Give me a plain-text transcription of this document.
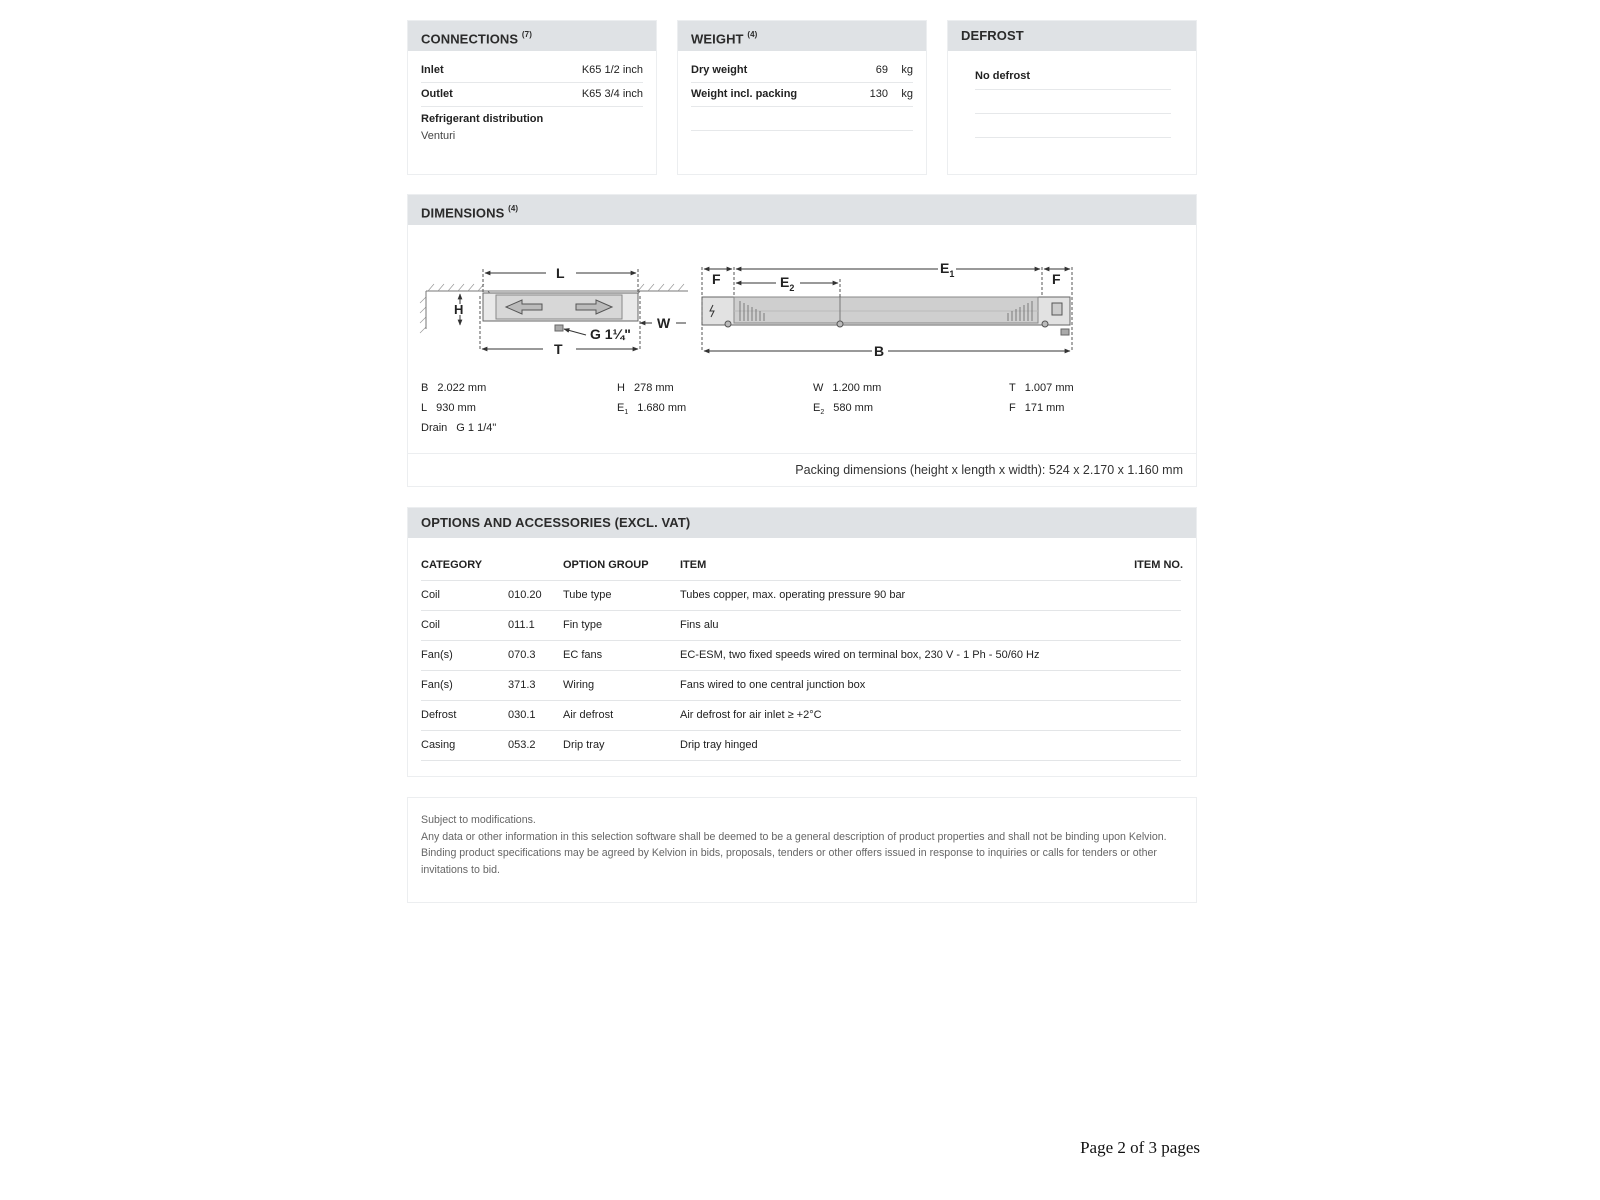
CONNECTIONS $^{(7)}$
Inlet	K65 1/2 inch
Outlet	K65 3/4 inch
Refrigerant distribution
Venturi
WEIGHT $^{(4)}$
Dry weight	69 kg
Weight incl. packing	130 kg
DEFROST
No defrost
DIMENSIONS $^{(4)}$
L
H
W
T
G 1¼"
F	F
$E_1$
$E_2$
B
B 2.022 mm	H 278 mm	W 1.200 mm	T 1.007 mm
L 930 mm	$E_1$ 1.680 mm	$E_2$ 580 mm	F 171 mm
Drain G 1 1/4"
Packing dimensions (height x length x width): 524 x 2.170 x 1.160 mm
OPTIONS AND ACCESSORIES (EXCL. VAT)
CATEGORY	OPTION GROUP	ITEM	ITEM NO.
Coil	010.20 Tube type	Tubes copper, max. operating pressure 90 bar
Coil	011.1	Fin type	Fins alu
Fan(s)	070.3 EC fans	EC-ESM, two fixed speeds wired on terminal box, 230 V - 1 Ph - 50/60 Hz
Fan(s)	371.3 Wiring	Fans wired to one central junction box
Defrost	030.1 Air defrost	Air defrost for air inlet ≥ +2°C
Casing	053.2 Drip tray	Drip tray hinged
Subject to modifications.
Any data or other information in this selection software shall be deemed to be a general description of product properties and shall not be binding upon Kelvion. Binding product specifications may be agreed by Kelvion in bids, proposals, tenders or other offers issued in response to inquiries or calls for tenders or other invitations to bid.
Page 2 of 3 pages
